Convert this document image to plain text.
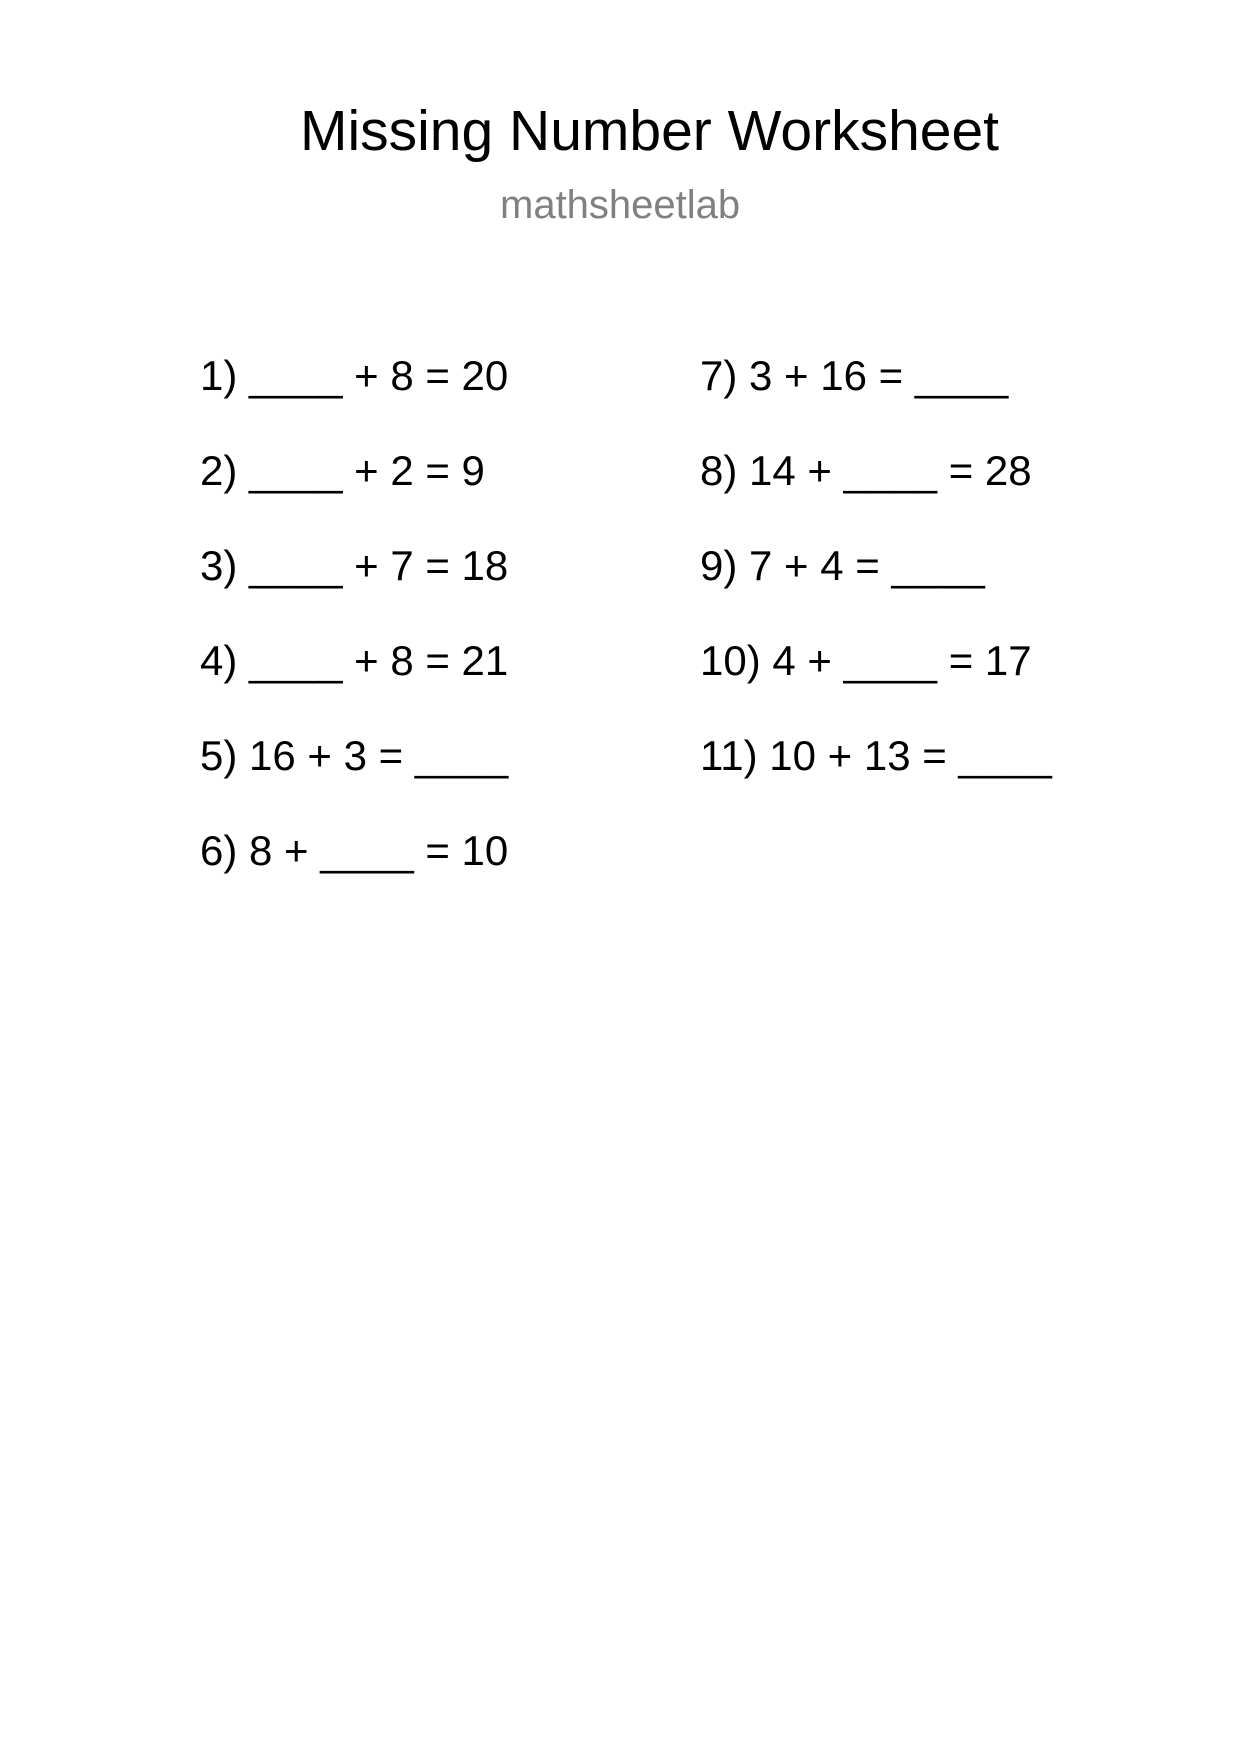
Missing Number Worksheet
mathsheetlab
1) ____ + 8 = 20
2) ____ + 2 = 9
3) ____ + 7 = 18
4) ____ + 8 = 21
5) 16 + 3 = ____
6) 8 + ____ = 10
7) 3 + 16 = ____
8) 14 + ____ = 28
9) 7 + 4 = ____
10) 4 + ____ = 17
11) 10 + 13 = ____
